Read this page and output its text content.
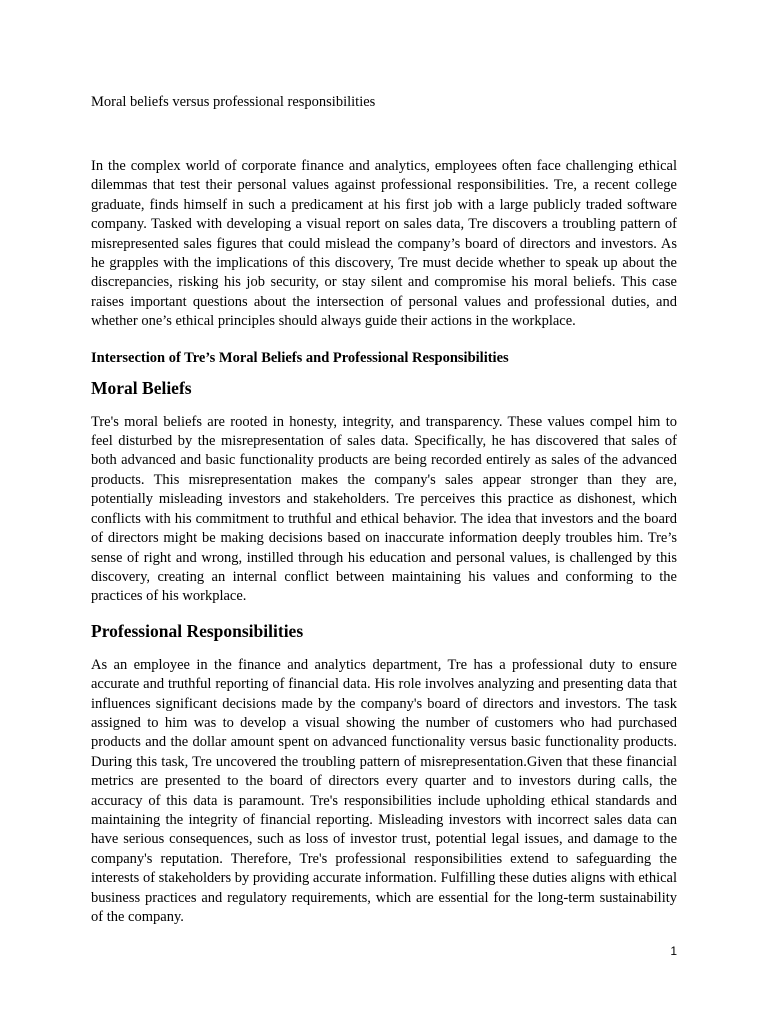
Moral beliefs versus professional responsibilities

In the complex world of corporate finance and analytics, employees often face challenging ethical dilemmas that test their personal values against professional responsibilities. Tre, a recent college graduate, finds himself in such a predicament at his first job with a large publicly traded software company. Tasked with developing a visual report on sales data, Tre discovers a troubling pattern of misrepresented sales figures that could mislead the company’s board of directors and investors. As he grapples with the implications of this discovery, Tre must decide whether to speak up about the discrepancies, risking his job security, or stay silent and compromise his moral beliefs. This case raises important questions about the intersection of personal values and professional duties, and whether one’s ethical principles should always guide their actions in the workplace.

Intersection of Tre’s Moral Beliefs and Professional Responsibilities

Moral Beliefs

Tre's moral beliefs are rooted in honesty, integrity, and transparency. These values compel him to feel disturbed by the misrepresentation of sales data. Specifically, he has discovered that sales of both advanced and basic functionality products are being recorded entirely as sales of the advanced products. This misrepresentation makes the company's sales appear stronger than they are, potentially misleading investors and stakeholders. Tre perceives this practice as dishonest, which conflicts with his commitment to truthful and ethical behavior. The idea that investors and the board of directors might be making decisions based on inaccurate information deeply troubles him. Tre’s sense of right and wrong, instilled through his education and personal values, is challenged by this discovery, creating an internal conflict between maintaining his values and conforming to the practices of his workplace.

Professional Responsibilities

As an employee in the finance and analytics department, Tre has a professional duty to ensure accurate and truthful reporting of financial data. His role involves analyzing and presenting data that influences significant decisions made by the company's board of directors and investors. The task assigned to him was to develop a visual showing the number of customers who had purchased products and the dollar amount spent on advanced functionality versus basic functionality products. During this task, Tre uncovered the troubling pattern of misrepresentation.Given that these financial metrics are presented to the board of directors every quarter and to investors during calls, the accuracy of this data is paramount. Tre's responsibilities include upholding ethical standards and maintaining the integrity of financial reporting. Misleading investors with incorrect sales data can have serious consequences, such as loss of investor trust, potential legal issues, and damage to the company's reputation. Therefore, Tre's professional responsibilities extend to safeguarding the interests of stakeholders by providing accurate information. Fulfilling these duties aligns with ethical business practices and regulatory requirements, which are essential for the long-term sustainability of the company.

1
